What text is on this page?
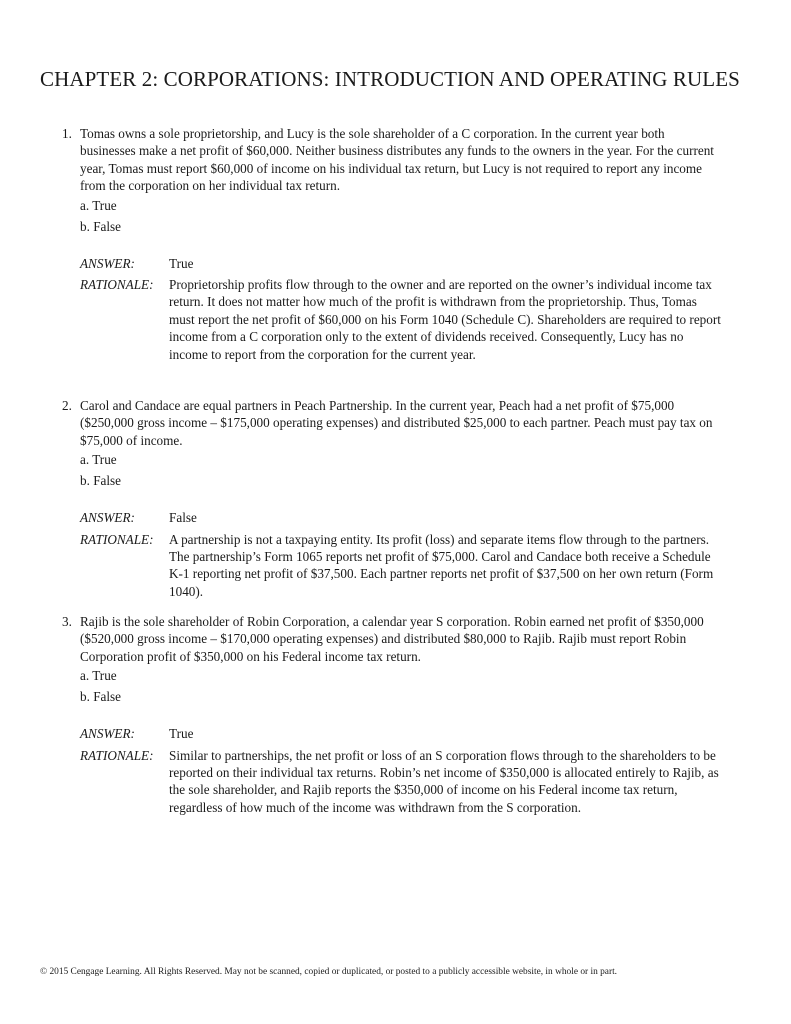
CHAPTER 2: CORPORATIONS: INTRODUCTION AND OPERATING RULES
1. Tomas owns a sole proprietorship, and Lucy is the sole shareholder of a C corporation. In the current year both businesses make a net profit of $60,000. Neither business distributes any funds to the owners in the year. For the current year, Tomas must report $60,000 of income on his individual tax return, but Lucy is not required to report any income from the corporation on her individual tax return.
a. True
b. False
ANSWER:	True
RATIONALE:	Proprietorship profits flow through to the owner and are reported on the owner’s individual income tax return. It does not matter how much of the profit is withdrawn from the proprietorship. Thus, Tomas must report the net profit of $60,000 on his Form 1040 (Schedule C). Shareholders are required to report income from a C corporation only to the extent of dividends received. Consequently, Lucy has no income to report from the corporation for the current year.
2. Carol and Candace are equal partners in Peach Partnership. In the current year, Peach had a net profit of $75,000 ($250,000 gross income – $175,000 operating expenses) and distributed $25,000 to each partner. Peach must pay tax on $75,000 of income.
a. True
b. False
ANSWER:	False
RATIONALE:	A partnership is not a taxpaying entity. Its profit (loss) and separate items flow through to the partners. The partnership’s Form 1065 reports net profit of $75,000. Carol and Candace both receive a Schedule K-1 reporting net profit of $37,500. Each partner reports net profit of $37,500 on her own return (Form 1040).
3. Rajib is the sole shareholder of Robin Corporation, a calendar year S corporation. Robin earned net profit of $350,000 ($520,000 gross income – $170,000 operating expenses) and distributed $80,000 to Rajib. Rajib must report Robin Corporation profit of $350,000 on his Federal income tax return.
a. True
b. False
ANSWER:	True
RATIONALE:	Similar to partnerships, the net profit or loss of an S corporation flows through to the shareholders to be reported on their individual tax returns. Robin’s net income of $350,000 is allocated entirely to Rajib, as the sole shareholder, and Rajib reports the $350,000 of income on his Federal income tax return, regardless of how much of the income was withdrawn from the S corporation.
© 2015 Cengage Learning. All Rights Reserved. May not be scanned, copied or duplicated, or posted to a publicly accessible website, in whole or in part.
